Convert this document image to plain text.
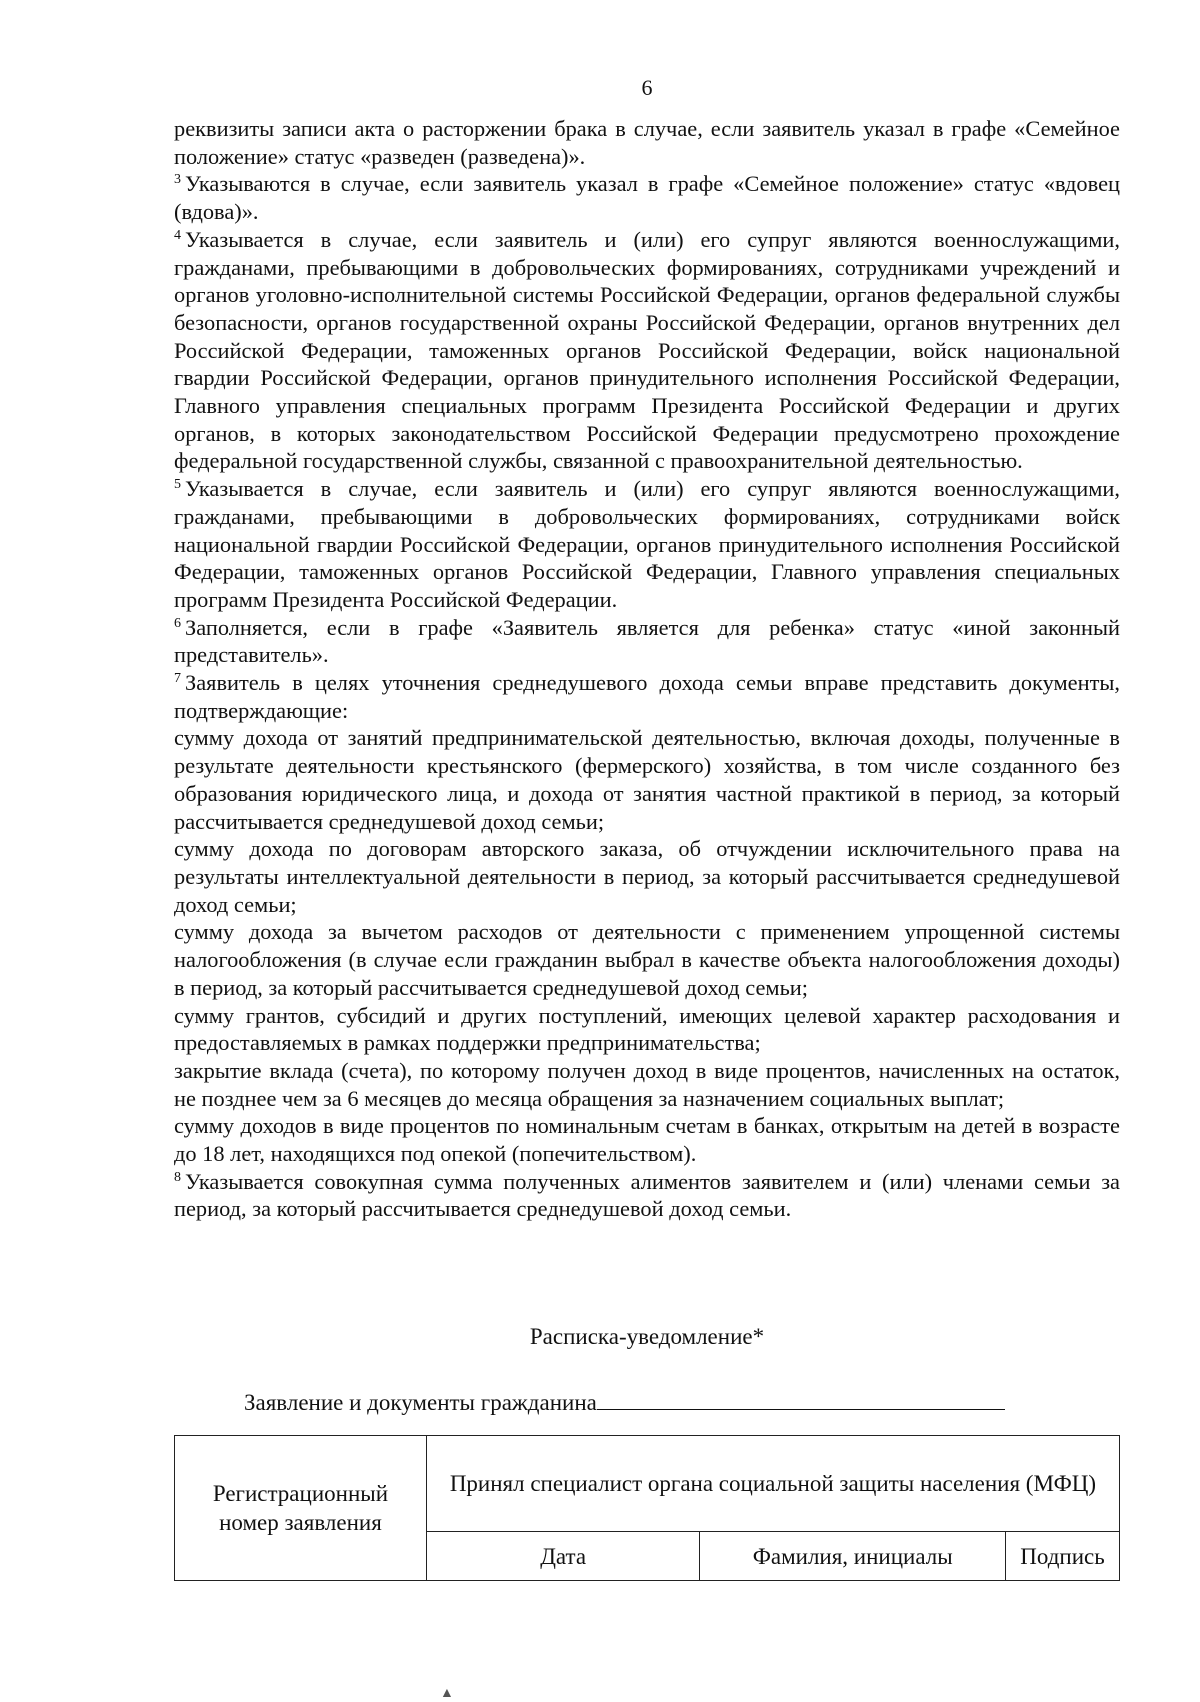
6

реквизиты записи акта о расторжении брака в случае, если заявитель указал в графе «Семейное положение» статус «разведен (разведена)».

$^3$ Указываются в случае, если заявитель указал в графе «Семейное положение» статус «вдовец (вдова)».

$^4$ Указывается в случае, если заявитель и (или) его супруг являются военнослужащими, гражданами, пребывающими в добровольческих формированиях, сотрудниками учреждений и органов уголовно-исполнительной системы Российской Федерации, органов федеральной службы безопасности, органов государственной охраны Российской Федерации, органов внутренних дел Российской Федерации, таможенных органов Российской Федерации, войск национальной гвардии Российской Федерации, органов принудительного исполнения Российской Федерации, Главного управления специальных программ Президента Российской Федерации и других органов, в которых законодательством Российской Федерации предусмотрено прохождение федеральной государственной службы, связанной с правоохранительной деятельностью.

$^5$ Указывается в случае, если заявитель и (или) его супруг являются военнослужащими, гражданами, пребывающими в добровольческих формированиях, сотрудниками войск национальной гвардии Российской Федерации, органов принудительного исполнения Российской Федерации, таможенных органов Российской Федерации, Главного управления специальных программ Президента Российской Федерации.

$^6$ Заполняется, если в графе «Заявитель является для ребенка» статус «иной законный представитель».

$^7$ Заявитель в целях уточнения среднедушевого дохода семьи вправе представить документы, подтверждающие:

сумму дохода от занятий предпринимательской деятельностью, включая доходы, полученные в результате деятельности крестьянского (фермерского) хозяйства, в том числе созданного без образования юридического лица, и дохода от занятия частной практикой в период, за который рассчитывается среднедушевой доход семьи;

сумму дохода по договорам авторского заказа, об отчуждении исключительного права на результаты интеллектуальной деятельности в период, за который рассчитывается среднедушевой доход семьи;

сумму дохода за вычетом расходов от деятельности с применением упрощенной системы налогообложения (в случае если гражданин выбрал в качестве объекта налогообложения доходы) в период, за который рассчитывается среднедушевой доход семьи;

сумму грантов, субсидий и других поступлений, имеющих целевой характер расходования и предоставляемых в рамках поддержки предпринимательства;

закрытие вклада (счета), по которому получен доход в виде процентов, начисленных на остаток, не позднее чем за 6 месяцев до месяца обращения за назначением социальных выплат;

сумму доходов в виде процентов по номинальным счетам в банках, открытым на детей в возрасте до 18 лет, находящихся под опекой (попечительством).

$^8$ Указывается совокупная сумма полученных алиментов заявителем и (или) членами семьи за период, за который рассчитывается среднедушевой доход семьи.

Расписка-уведомление*
Заявление и документы гражданина
Регистрационный номер заявления	Принял специалист органа социальной защиты населения (МФЦ)		
	Дата	Фамилия, инициалы	Подпись
▲
